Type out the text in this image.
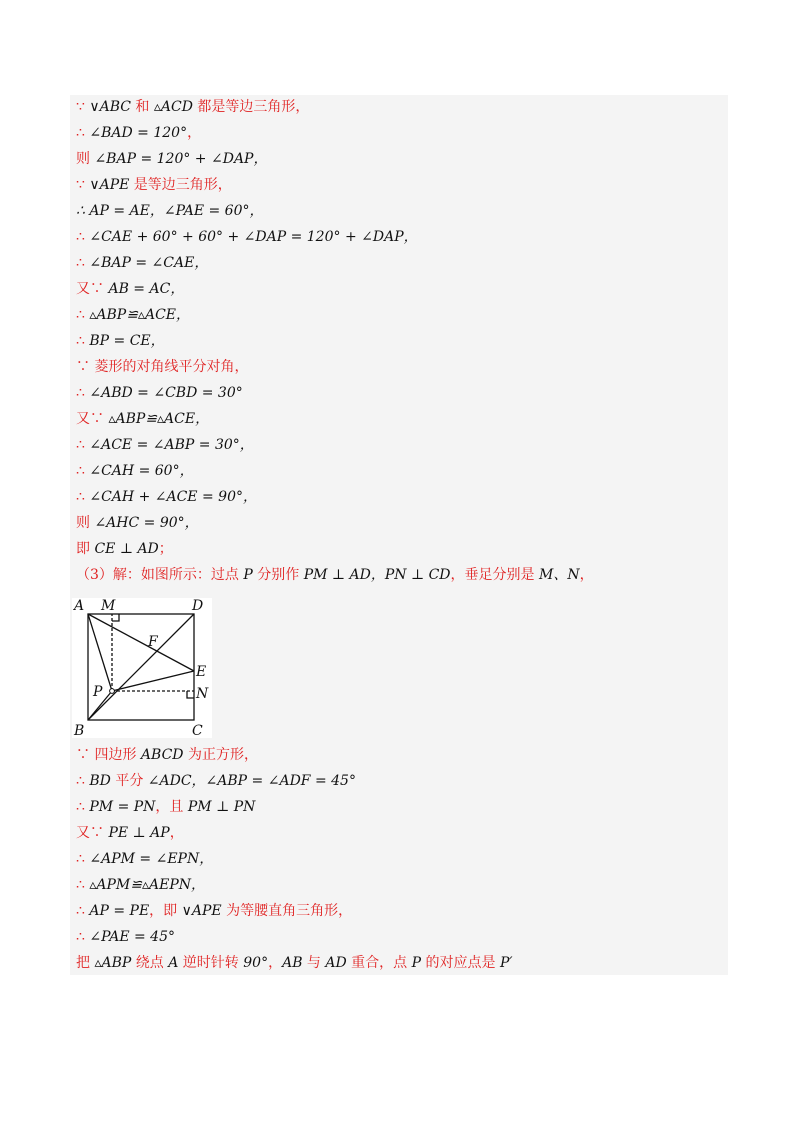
∵ ∨ABC 和 ▵ACD 都是等边三角形，
∴ ∠BAD = 120°，
则 ∠BAP = 120° + ∠DAP，
∵ ∨APE 是等边三角形，
∴ AP = AE，∠PAE = 60°，
∴ ∠CAE + 60° + 60° + ∠DAP = 120° + ∠DAP，
∴ ∠BAP = ∠CAE，
又∵ AB = AC，
∴ ▵ABP≌▵ACE，
∴ BP = CE，
∵ 菱形的对角线平分对角，
∴ ∠ABD = ∠CBD = 30°
又∵ ▵ABP≌▵ACE，
∴ ∠ACE = ∠ABP = 30°，
∴ ∠CAH = 60°，
∴ ∠CAH + ∠ACE = 90°，
则 ∠AHC = 90°，
即 CE ⊥ AD；
（3）解：如图所示：过点 P 分别作 PM ⊥ AD，PN ⊥ CD，垂足分别是 M、N，
∵ 四边形 ABCD 为正方形，
∴ BD 平分 ∠ADC，∠ABP = ∠ADF = 45°
∴ PM = PN，且 PM ⊥ PN
又∵ PE ⊥ AP，
∴ ∠APM = ∠EPN，
∴ ▵APM≌▵AEPN，
∴ AP = PE，即 ∨APE 为等腰直角三角形，
∴ ∠PAE = 45°
把 ▵ABP 绕点 A 逆时针转 90°，AB 与 AD 重合，点 P 的对应点是 P′
A M	D
F
E
P	N
B	C
